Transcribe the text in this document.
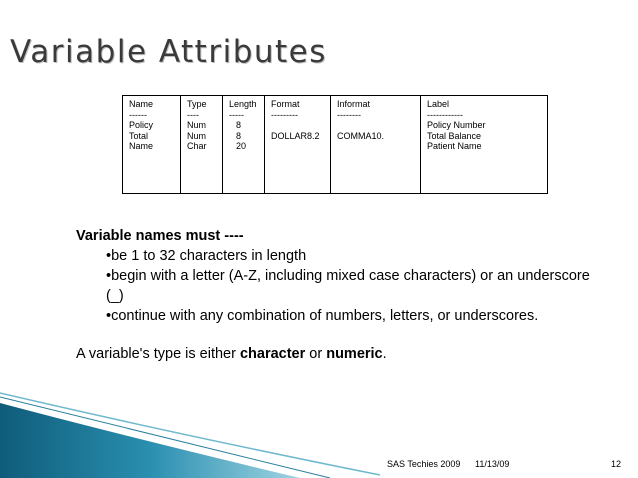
Variable Attributes
Name
------
Policy
Total
Name
Type
----
Num
Num
Char
Length
-----
8
8
20
Format
---------
DOLLAR8.2
Informat
--------
COMMA10.
Label
------------
Policy Number
Total Balance
Patient Name

Variable names must ----

•be 1 to 32 characters in length

•begin with a letter (A-Z, including mixed case characters) or an underscore (_)

•continue with any combination of numbers, letters, or underscores.

A variable's type is either character or numeric.

SAS Techies 2009 11/13/09	12
